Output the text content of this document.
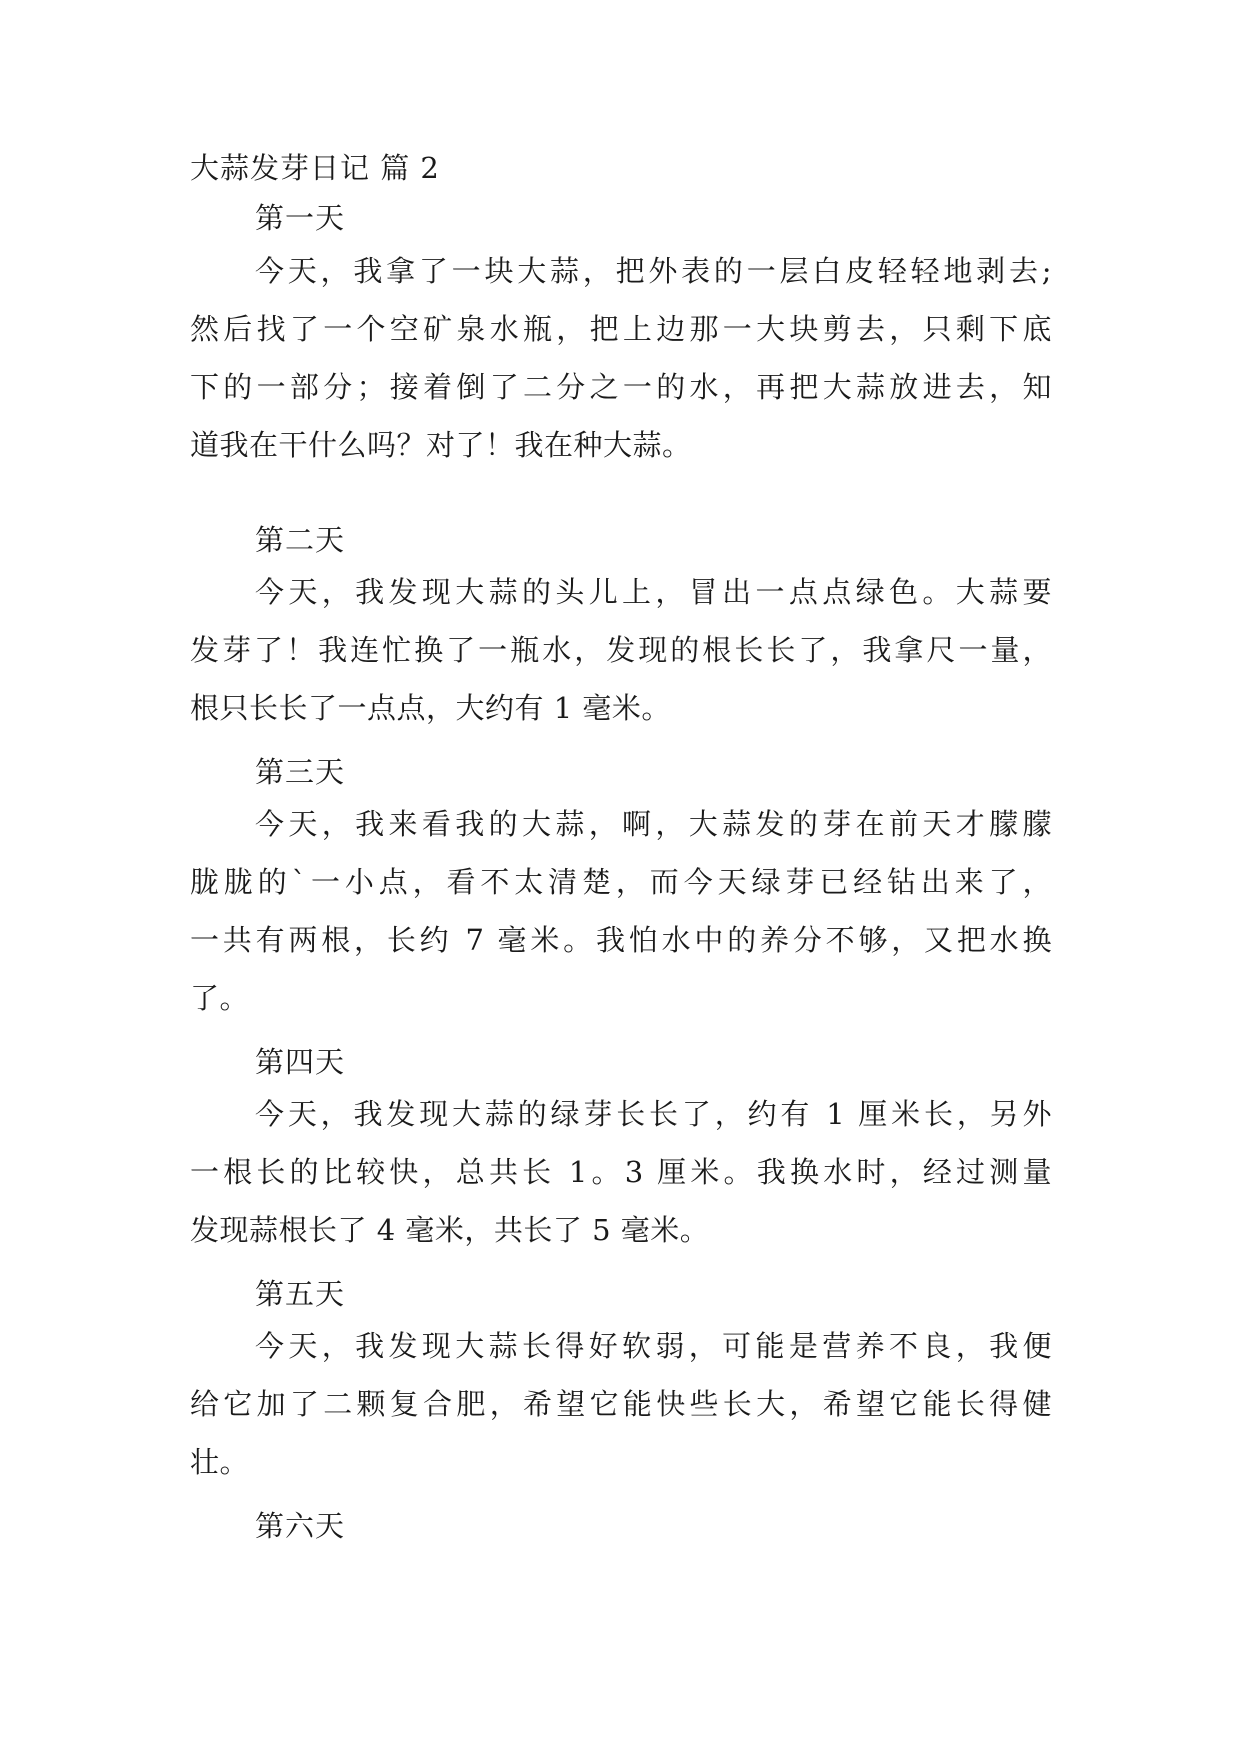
大蒜发芽日记 篇 2
第一天
今天，我拿了一块大蒜，把外表的一层白皮轻轻地剥去;
然后找了一个空矿泉水瓶，把上边那一大块剪去，只剩下底
下的一部分；接着倒了二分之一的水，再把大蒜放进去，知
道我在干什么吗？对了！我在种大蒜。
第二天
今天，我发现大蒜的头儿上，冒出一点点绿色。大蒜要
发芽了！我连忙换了一瓶水，发现的根长长了，我拿尺一量，
根只长长了一点点，大约有 1 毫米。
第三天
今天，我来看我的大蒜，啊，大蒜发的芽在前天才朦朦
胧胧的`一小点，看不太清楚，而今天绿芽已经钻出来了，
一共有两根，长约 7 毫米。我怕水中的养分不够，又把水换
了。
第四天
今天，我发现大蒜的绿芽长长了，约有 1 厘米长，另外
一根长的比较快，总共长 1。3 厘米。我换水时，经过测量
发现蒜根长了 4 毫米，共长了 5 毫米。
第五天
今天，我发现大蒜长得好软弱，可能是营养不良，我便
给它加了二颗复合肥，希望它能快些长大，希望它能长得健
壮。
第六天
